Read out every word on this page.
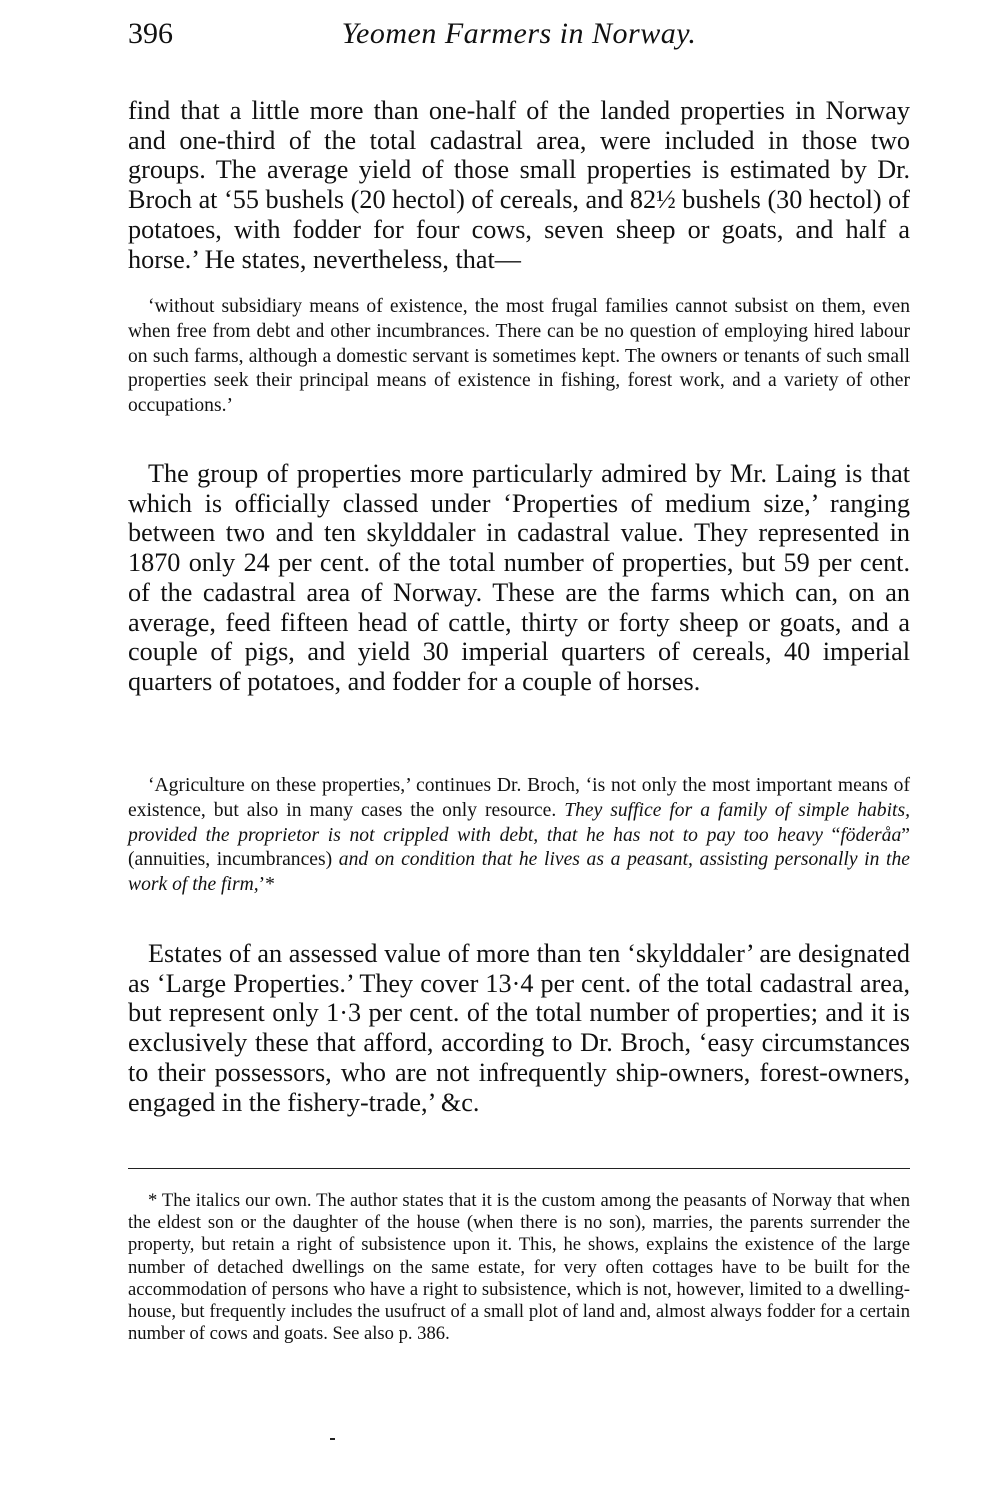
396	Yeomen Farmers in Norway.

find that a little more than one-half of the landed properties in Norway and one-third of the total cadastral area, were included in those two groups. The average yield of those small properties is estimated by Dr. Broch at ‘55 bushels (20 hectol) of cereals, and 82½ bushels (30 hectol) of potatoes, with fodder for four cows, seven sheep or goats, and half a horse.’ He states, nevertheless, that—

‘without subsidiary means of existence, the most frugal families cannot subsist on them, even when free from debt and other incumbrances. There can be no question of employing hired labour on such farms, although a domestic servant is sometimes kept. The owners or tenants of such small properties seek their principal means of existence in fishing, forest work, and a variety of other occupations.’

The group of properties more particularly admired by Mr. Laing is that which is officially classed under ‘Properties of medium size,’ ranging between two and ten skylddaler in cadastral value. They represented in 1870 only 24 per cent. of the total number of properties, but 59 per cent. of the cadastral area of Norway. These are the farms which can, on an average, feed fifteen head of cattle, thirty or forty sheep or goats, and a couple of pigs, and yield 30 imperial quarters of cereals, 40 imperial quarters of potatoes, and fodder for a couple of horses.

‘Agriculture on these properties,’ continues Dr. Broch, ‘is not only the most important means of existence, but also in many cases the only resource. They suffice for a family of simple habits, provided the proprietor is not crippled with debt, that he has not to pay too heavy “föderåa” (annuities, incumbrances) and on condition that he lives as a peasant, assisting personally in the work of the firm,’*

Estates of an assessed value of more than ten ‘skylddaler’ are designated as ‘Large Properties.’ They cover 13·4 per cent. of the total cadastral area, but represent only 1·3 per cent. of the total number of properties; and it is exclusively these that afford, according to Dr. Broch, ‘easy circumstances to their possessors, who are not infrequently ship-owners, forest-owners, engaged in the fishery-trade,’ &c.

* The italics our own. The author states that it is the custom among the peasants of Norway that when the eldest son or the daughter of the house (when there is no son), marries, the parents surrender the property, but retain a right of subsistence upon it. This, he shows, explains the existence of the large number of detached dwellings on the same estate, for very often cottages have to be built for the accommodation of persons who have a right to subsistence, which is not, however, limited to a dwelling-house, but frequently includes the usufruct of a small plot of land and, almost always fodder for a certain number of cows and goats. See also p. 386.
